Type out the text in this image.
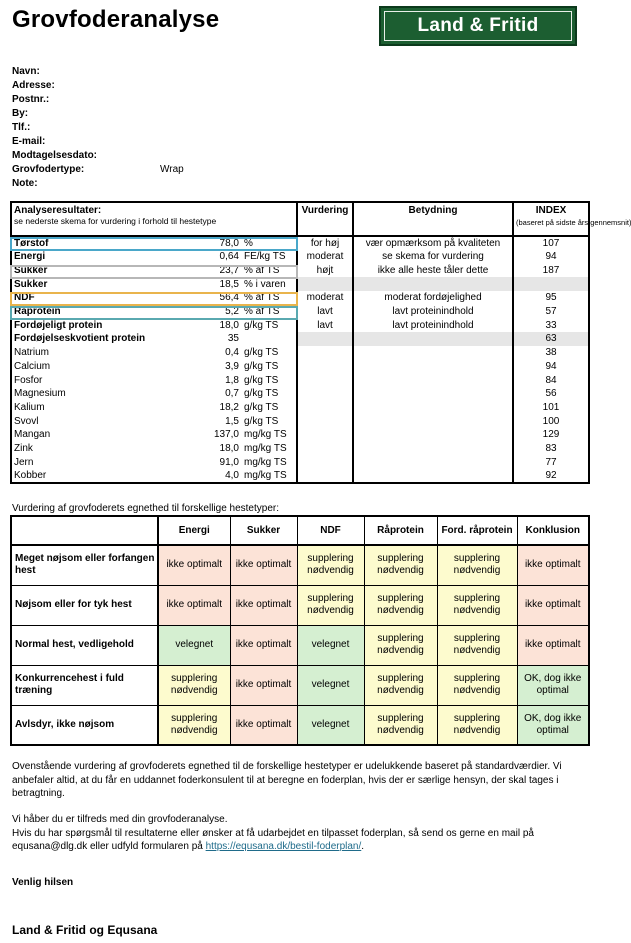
Grovfoderanalyse	Land & Fritid
Navn:
Adresse:
Postnr.:
By:
Tlf.:
E-mail:
Modtagelsesdato:
Grovfodertype:	Wrap
Note:
Analyseresultater:
se nederste skema for vurdering i forhold til hestetype			Vurdering	Betydning	INDEX
(baseret på sidste års gennemsnit)

Tørstof	78,0	%	for høj	vær opmærksom på kvaliteten	107
Energi	0,64	FE/kg TS	moderat	se skema for vurdering	94
Sukker	23,7	% af TS	højt	ikke alle heste tåler dette	187
Sukker	18,5	% i varen			
NDF	56,4	% af TS	moderat	moderat fordøjelighed	95
Råprotein	5,2	% af TS	lavt	lavt proteinindhold	57
Fordøjeligt protein	18,0	g/kg TS	lavt	lavt proteinindhold	33
Fordøjelseskvotient protein	35				63
Natrium	0,4	g/kg TS			38
Calcium	3,9	g/kg TS			94
Fosfor	1,8	g/kg TS			84
Magnesium	0,7	g/kg TS			56
Kalium	18,2	g/kg TS			101
Svovl	1,5	g/kg TS			100
Mangan	137,0	mg/kg TS			129
Zink	18,0	mg/kg TS			83
Jern	91,0	mg/kg TS			77
Kobber	4,0	mg/kg TS			92
Vurdering af grovfoderets egnethed til forskellige hestetyper:
	Energi	Sukker	NDF	Råprotein	Ford. råprotein	Konklusion
Meget nøjsom eller forfangen hest	ikke optimalt	ikke optimalt	supplering nødvendig	supplering nødvendig	supplering nødvendig	ikke optimalt
Nøjsom eller for tyk hest	ikke optimalt	ikke optimalt	supplering nødvendig	supplering nødvendig	supplering nødvendig	ikke optimalt
Normal hest, vedligehold	velegnet	ikke optimalt	velegnet	supplering nødvendig	supplering nødvendig	ikke optimalt
Konkurrencehest i fuld træning	supplering nødvendig	ikke optimalt	velegnet	supplering nødvendig	supplering nødvendig	OK, dog ikke optimal
Avlsdyr, ikke nøjsom	supplering nødvendig	ikke optimalt	velegnet	supplering nødvendig	supplering nødvendig	OK, dog ikke optimal
Ovenstående vurdering af grovfoderets egnethed til de forskellige hestetyper er udelukkende baseret på standardværdier. Vi anbefaler altid, at du får en uddannet foderkonsulent til at beregne en foderplan, hvis der er særlige hensyn, der skal tages i betragtning.
Vi håber du er tilfreds med din grovfoderanalyse.
Hvis du har spørgsmål til resultaterne eller ønsker at få udarbejdet en tilpasset foderplan, så send os gerne en mail på equsana@dlg.dk eller udfyld formularen på https://equsana.dk/bestil-foderplan/.
Venlig hilsen
Land & Fritid og Equsana
